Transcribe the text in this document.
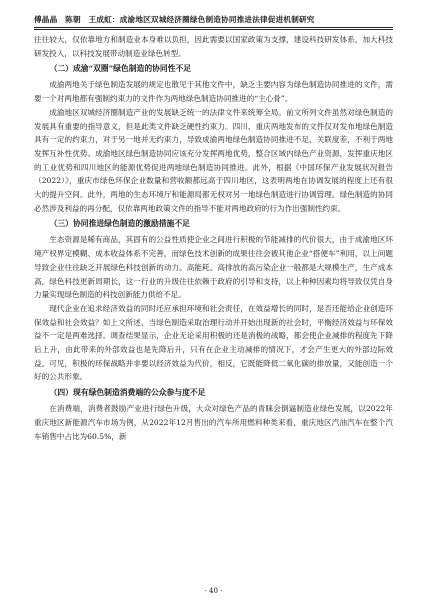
傅晶晶　陈朝　王成虹：成渝地区双城经济圈绿色制造协同推进法律促进机制研究

往往较大，仅依靠地方和制造业本身难以负担，因此需要以国家政策为支撑，建设科技研发体系，加大科技研发投入，以科技发展带动制造业绿色转型。

（二）成渝“双圈”绿色制造的协同性不足

成渝两地关于绿色制造发展的规定也散见于其他文件中，缺乏主要内容为绿色制造协同推进的文件，需要一个对两地都有强制约束力的文件作为两地绿色制造协同推进的“主心骨”。

成渝地区双城经济圈制造产业的发展缺乏统一的法律文件来统筹全局。前文所列文件虽然对绿色制造的发展具有重要的指导意义，但是此类文件缺乏硬性约束力。四川、重庆两地发布的文件仅对发布地绿色制造具有一定的约束力，对于另一地并无约束力，导致成渝两地绿色制造协同推进不足、关联度差，不利于两地发挥互补性优势。成渝地区绿色制造协同应该充分发挥两地优势，整合区域内绿色产业资源，发挥重庆地区的工业优势和四川地区的能源优势促进两地绿色制造协同推进。此外，根据《中国环保产业发展状况报告（2022）》，重庆市绿色环保企业数量和营收额都远高于四川地区，这表明两地在协调发展的程度上还有很大的提升空间。此外，两地的生态环境厅和能源局都无权对另一地绿色制造进行协调管理。绿色制造的协同必然涉及利益的再分配，仅依靠两地政策文件的指导不能对两地政府的行为作出强制性约束。

（三）协同推进绿色制造的激励措施不足

生态资源是稀有商品，其固有的公益性质使企业之间进行积极的节能减排的代价很大，由于成渝地区环境产权界定模糊、成本收益体系不完善，而绿色技术创新的成果往往会被其他企业“搭便车”利用，以上问题导致企业往往缺乏开展绿色科技创新的动力。高能耗、高排放的高污染企业一般都是大规模生产，生产成本高，绿色科技更新周期长，这一行业的升级往往依赖于政府的引导和支持，以上种种因素均将导致仅凭自身力量实现绿色制造的科技创新能力供给不足。

现代企业在追求经济效益的同时还应承担环境和社会责任，在效益增长的同时，是否还能给企业创造环保效益和社会效益？如上文所述，当绿色制造采取治理行动并开始出现新的社会时，平衡经济效益与环保效益不一定是两难选择。调查结果显示，企业无论采用积极的还是消极的战略，都会使企业减排的程度先下降后上升，由此带来的外部效益也是先降后升，只有在企业主动减排的情况下，才会产生更大的外部边际效益。可见，积极的环保战略并非要以经济效益为代价，相反，它既能降低二氧化碳的排放量，又能创造一个好的公共形象。

（四）现有绿色制造消费端的公众参与度不足

在消费端，消费者鼓励产业进行绿色升级，大众对绿色产品的青睐会倒逼制造业绿色发展，以2022年重庆地区新能源汽车市场为例，从2022年12月售出的汽车所用燃料种类来看，重庆地区汽油汽车在整个汽车销售中占比为60.5%，新

· 40 ·
